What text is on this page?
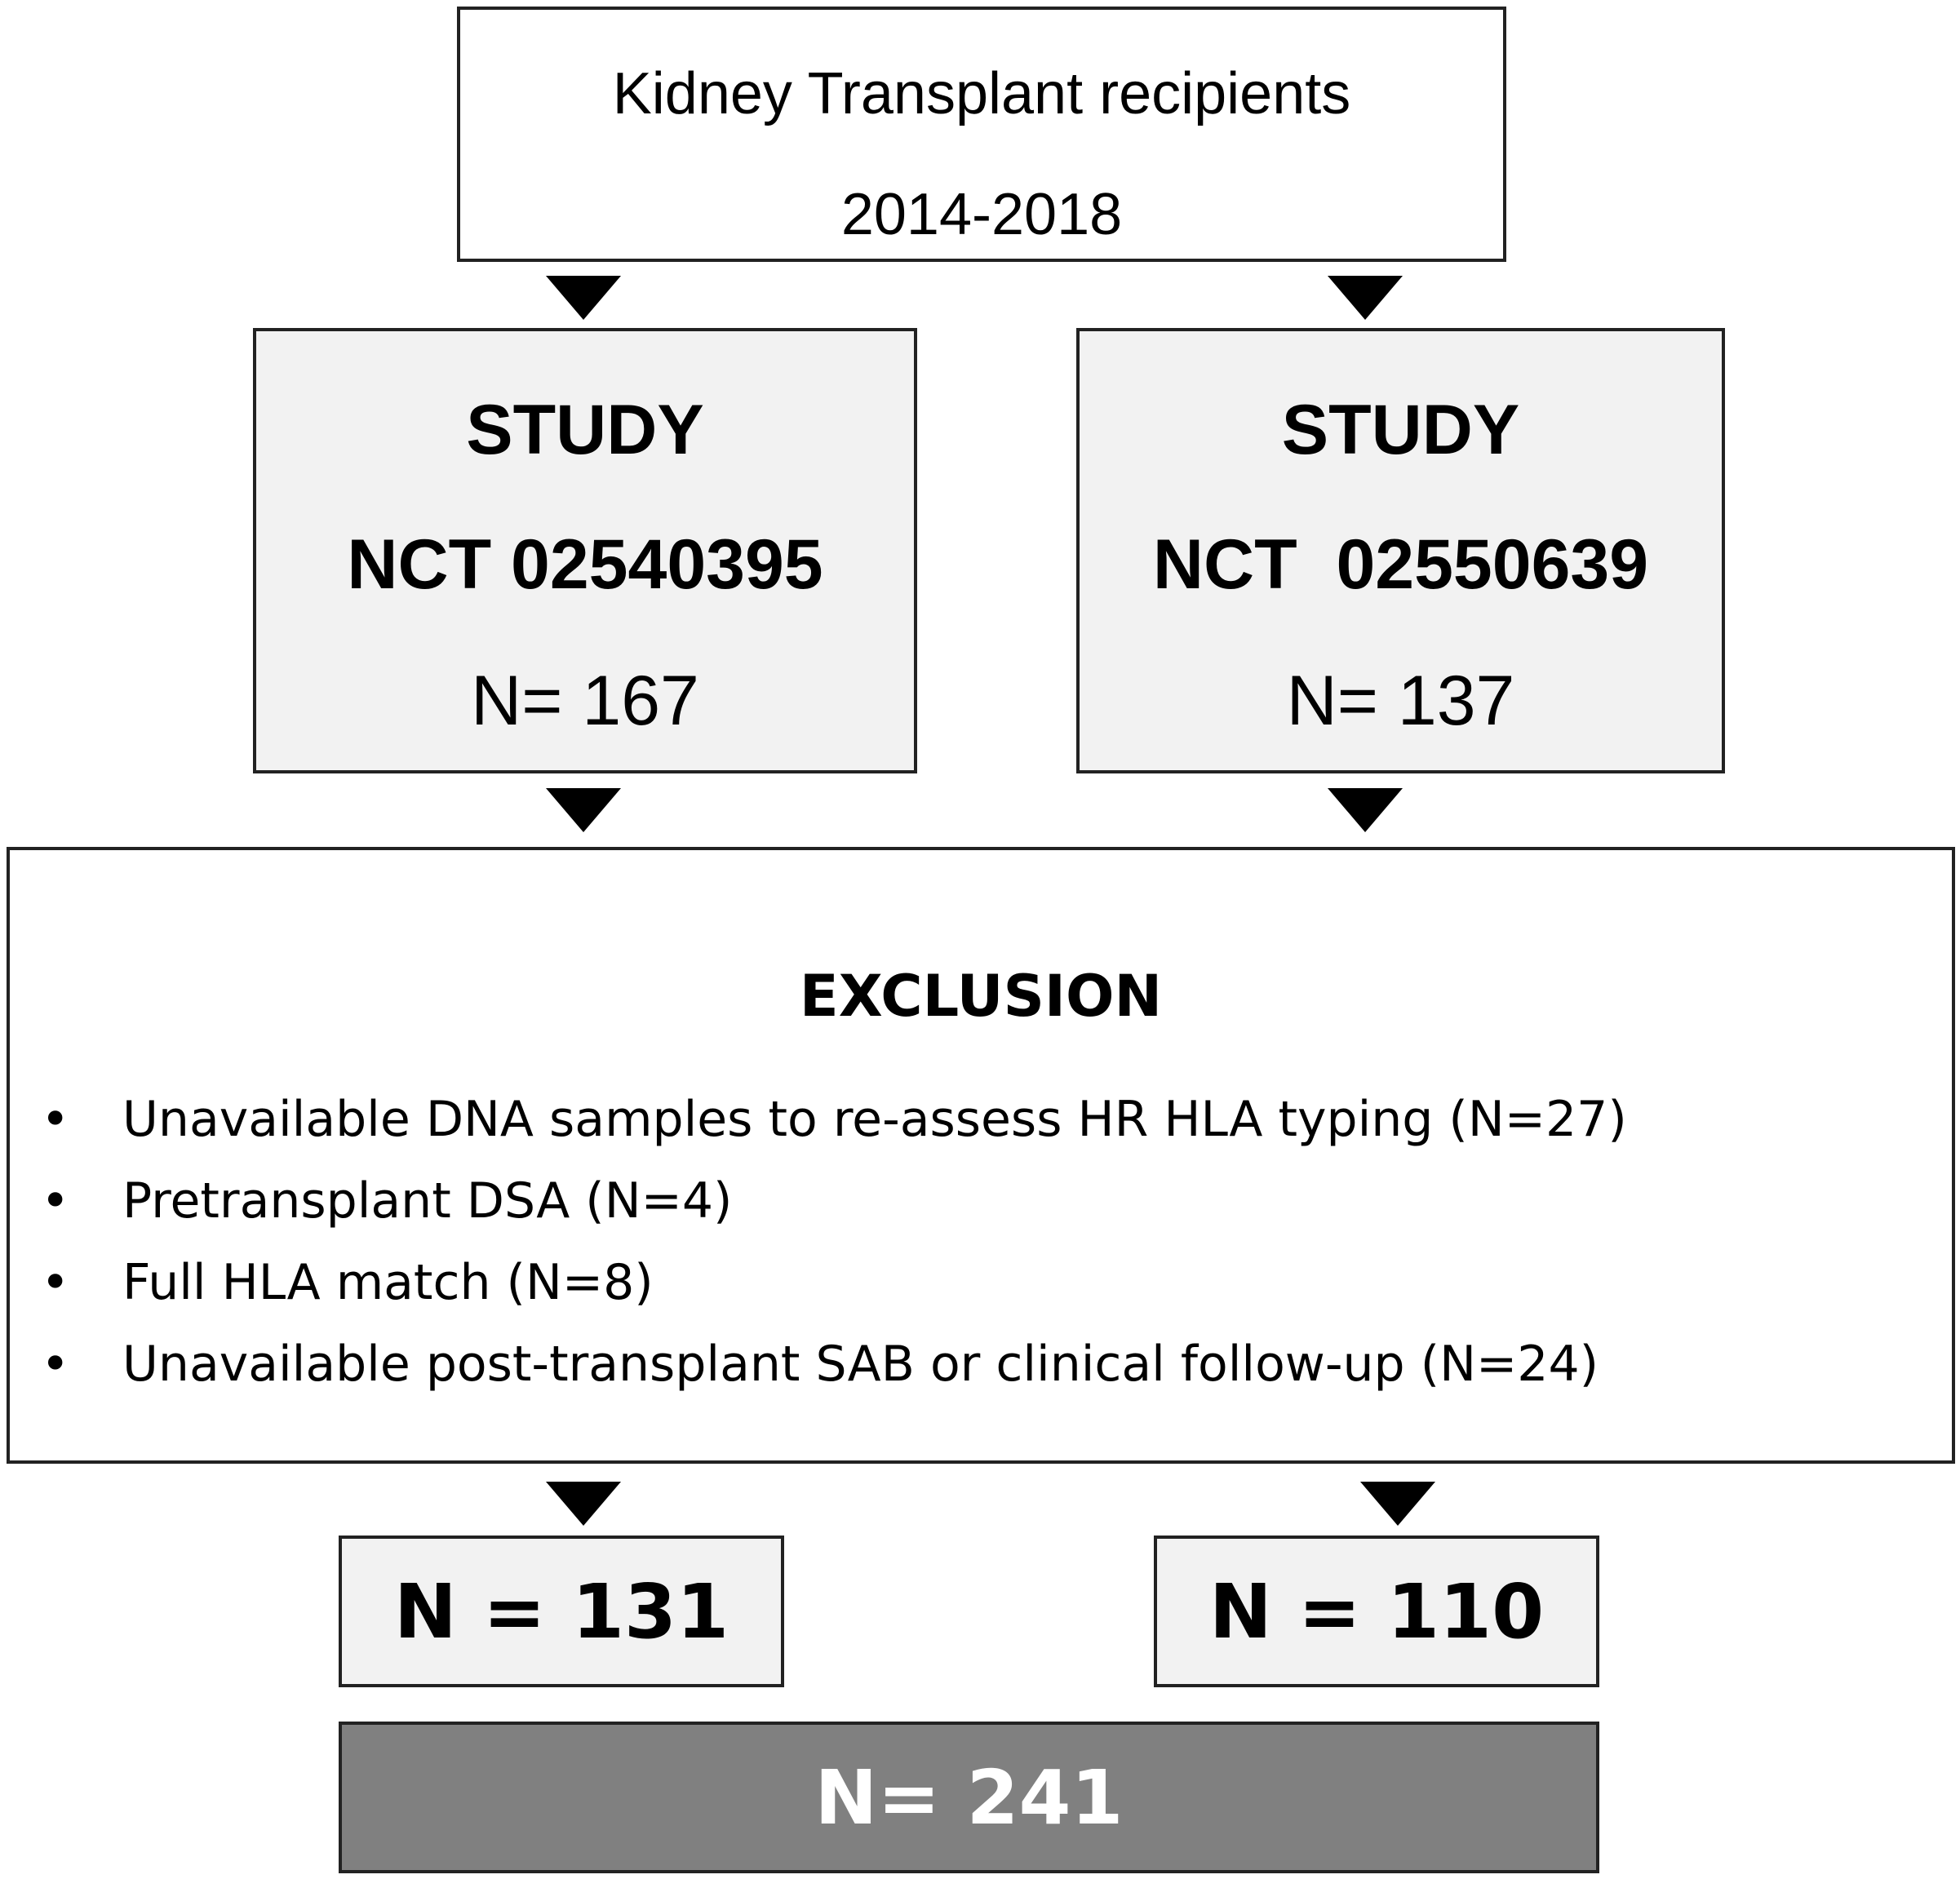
Kidney Transplant recipients
2014-2018
STUDY
NCT 02540395
N= 167
STUDY
NCT  02550639
N= 137
EXCLUSION
• Unavailable DNA samples to re-assess HR HLA typing (N=27)
• Pretransplant DSA (N=4)
• Full HLA match (N=8)
• Unavailable post-transplant SAB or clinical follow-up (N=24)
N = 131	N = 110
N= 241
